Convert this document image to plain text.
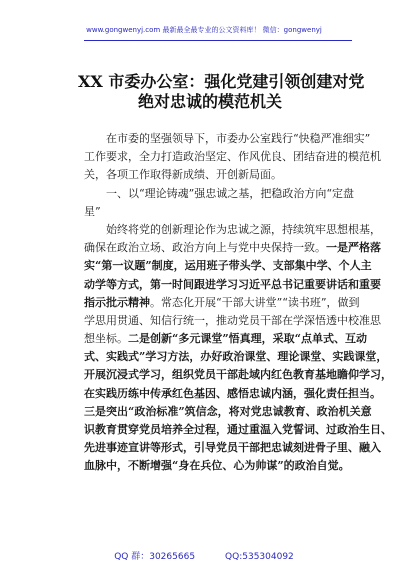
www.gongwenyj.com 最新最全最专业的公文资料库！ 微信：gongwenyj
XX 市委办公室：强化党建引领创建对党
绝对忠诚的模范机关
在市委的坚强领导下，市委办公室践行“快稳严准细实”
工作要求，全力打造政治坚定、作风优良、团结奋进的模范机
关，各项工作取得新成绩、开创新局面。
一、以“理论铸魂”强忠诚之基，把稳政治方向“定盘
星”
始终将党的创新理论作为忠诚之源，持续筑牢思想根基，
确保在政治立场、政治方向上与党中央保持一致。一是严格落
实“第一议题”制度，运用班子带头学、支部集中学、个人主
动学等方式，第一时间跟进学习习近平总书记重要讲话和重要
指示批示精神。常态化开展“干部大讲堂”“读书班”，做到
学思用贯通、知信行统一，推动党员干部在学深悟透中校准思
想坐标。二是创新“多元课堂”悟真理，采取“点单式、互动
式、实践式”学习方法，办好政治课堂、理论课堂、实践课堂，
开展沉浸式学习，组织党员干部赴域内红色教育基地瞻仰学习，
在实践历练中传承红色基因、感悟忠诚内涵，强化责任担当。
三是突出“政治标准”筑信念，将对党忠诚教育、政治机关意
识教育贯穿党员培养全过程，通过重温入党誓词、过政治生日、
先进事迹宣讲等形式，引导党员干部把忠诚刻进骨子里、融入
血脉中，不断增强“身在兵位、心为帅谋”的政治自觉。
QQ 群：30265665	QQ:535304092
